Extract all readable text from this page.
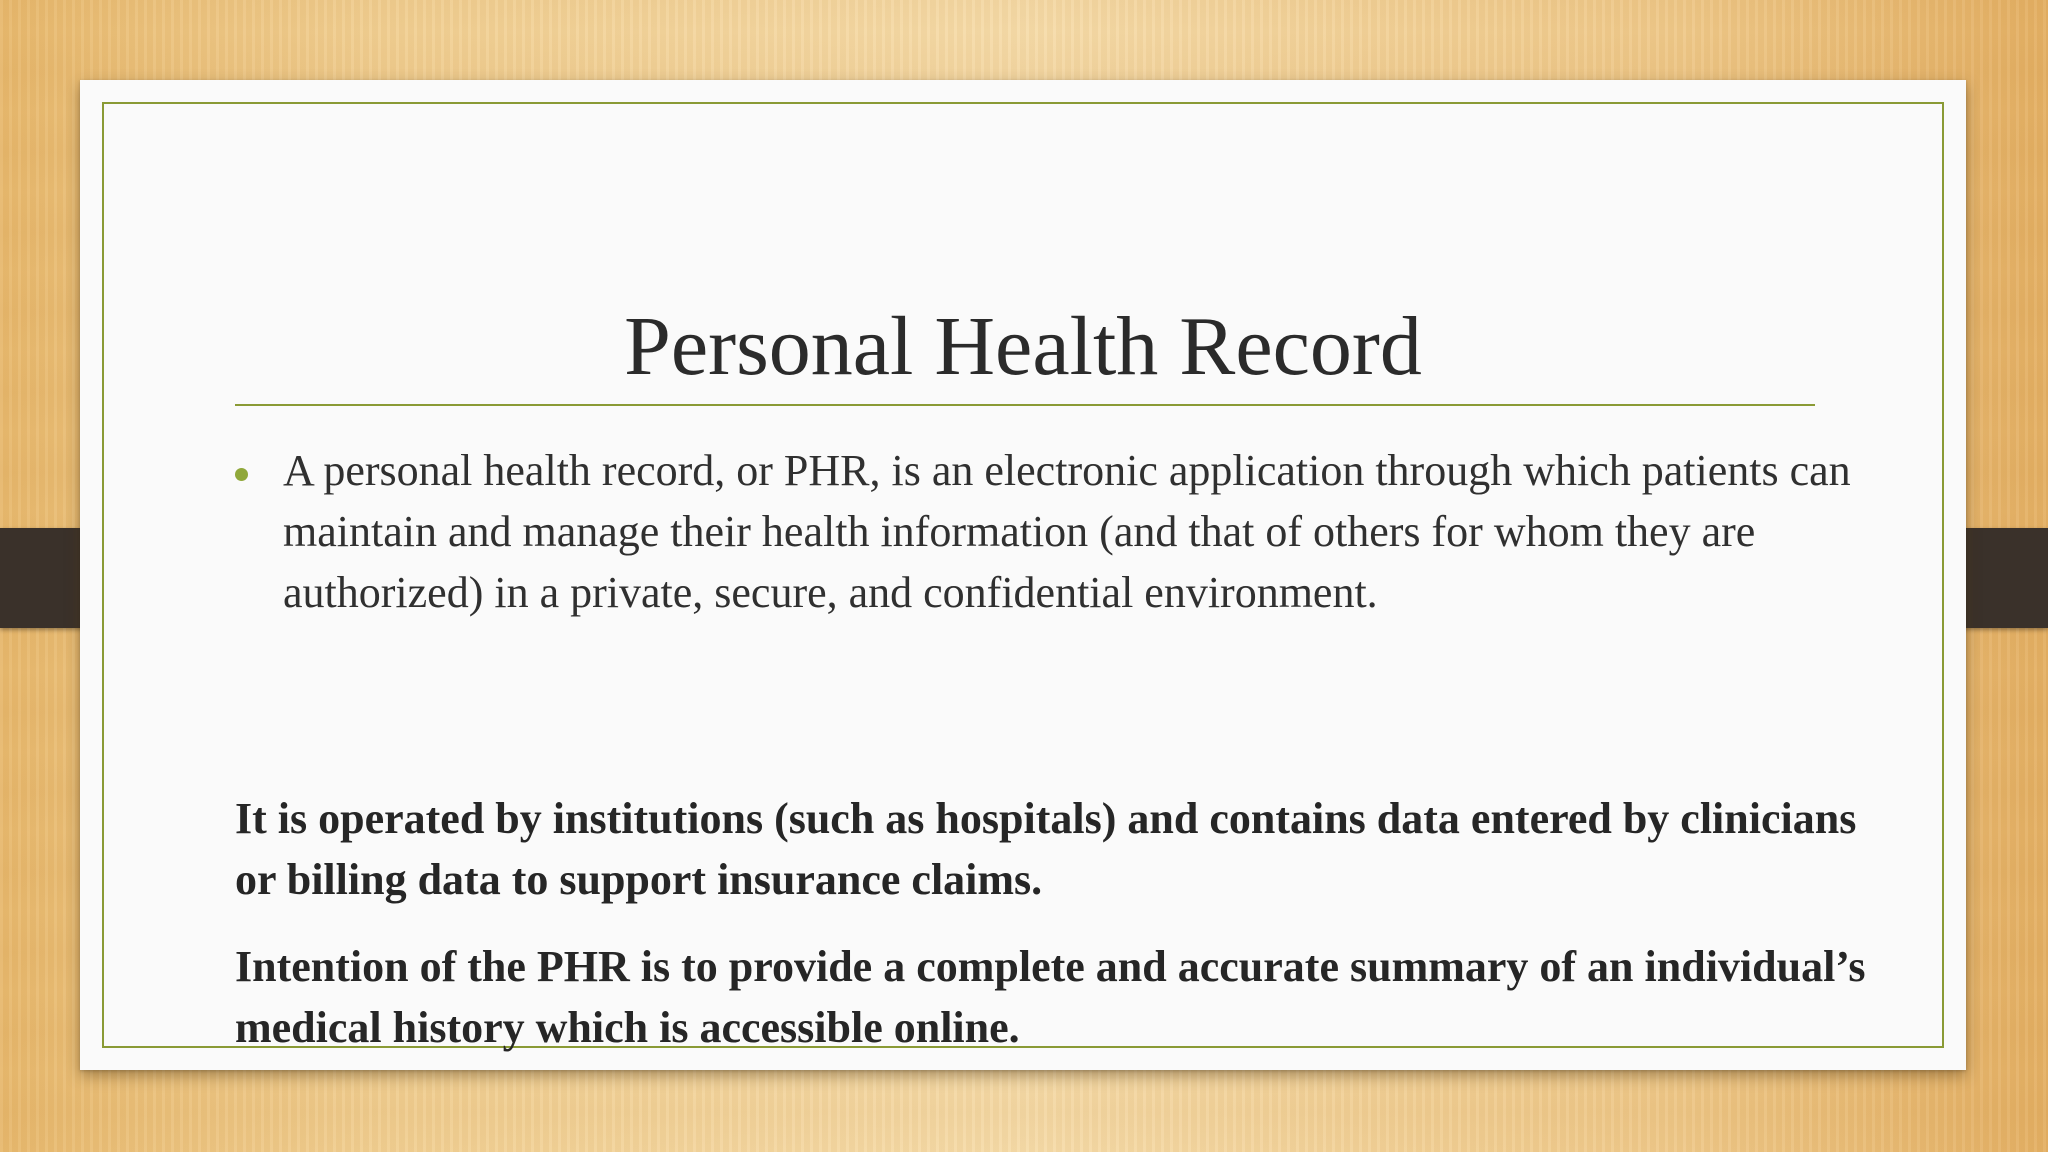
Personal Health Record
A personal health record, or PHR, is an electronic application through which patients can maintain and manage their health information (and that of others for whom they are authorized) in a private, secure, and confidential environment.

It is operated by institutions (such as hospitals) and contains data entered by clinicians or billing data to support insurance claims.

Intention of the PHR is to provide a complete and accurate summary of an individual’s medical history which is accessible online.
